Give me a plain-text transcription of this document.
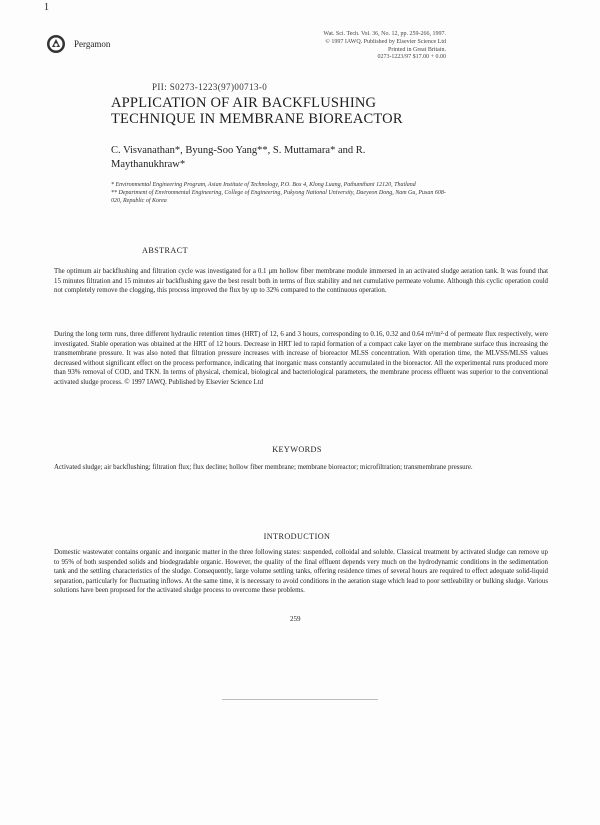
1
Pergamon
Wat. Sci. Tech. Vol. 36, No. 12, pp. 259-266, 1997.
© 1997 IAWQ. Published by Elsevier Science Ltd
Printed in Great Britain.
0273-1223/97 $17.00 + 0.00
PII: S0273-1223(97)00713-0
APPLICATION OF AIR BACKFLUSHING TECHNIQUE IN MEMBRANE BIOREACTOR
C. Visvanathan*, Byung-Soo Yang**, S. Muttamara* and R. Maythanukhraw*
* Environmental Engineering Program, Asian Institute of Technology, P.O. Box 4, Klong Luang, Pathumthani 12120, Thailand
** Department of Environmental Engineering, College of Engineering, Pukyong National University, Daeyeon Dong, Nam Gu, Pusan 608-020, Republic of Korea
ABSTRACT

The optimum air backflushing and filtration cycle was investigated for a 0.1 μm hollow fiber membrane module immersed in an activated sludge aeration tank. It was found that 15 minutes filtration and 15 minutes air backflushing gave the best result both in terms of flux stability and net cumulative permeate volume. Although this cyclic operation could not completely remove the clogging, this process improved the flux by up to 32% compared to the continuous operation.

During the long term runs, three different hydraulic retention times (HRT) of 12, 6 and 3 hours, corresponding to 0.16, 0.32 and 0.64 m³/m²·d of permeate flux respectively, were investigated. Stable operation was obtained at the HRT of 12 hours. Decrease in HRT led to rapid formation of a compact cake layer on the membrane surface thus increasing the transmembrane pressure. It was also noted that filtration pressure increases with increase of bioreactor MLSS concentration. With operation time, the MLVSS/MLSS values decreased without significant effect on the process performance, indicating that inorganic mass constantly accumulated in the bioreactor. All the experimental runs produced more than 93% removal of COD, and TKN. In terms of physical, chemical, biological and bacteriological parameters, the membrane process effluent was superior to the conventional activated sludge process. © 1997 IAWQ. Published by Elsevier Science Ltd

KEYWORDS

Activated sludge; air backflushing; filtration flux; flux decline; hollow fiber membrane; membrane bioreactor; microfiltration; transmembrane pressure.

INTRODUCTION

Domestic wastewater contains organic and inorganic matter in the three following states: suspended, colloidal and soluble. Classical treatment by activated sludge can remove up to 95% of both suspended solids and biodegradable organic. However, the quality of the final effluent depends very much on the hydrodynamic conditions in the sedimentation tank and the settling characteristics of the sludge. Consequently, large volume settling tanks, offering residence times of several hours are required to effect adequate solid-liquid separation, particularly for fluctuating inflows. At the same time, it is necessary to avoid conditions in the aeration stage which lead to poor settleability or bulking sludge. Various solutions have been proposed for the activated sludge process to overcome these problems.

259
